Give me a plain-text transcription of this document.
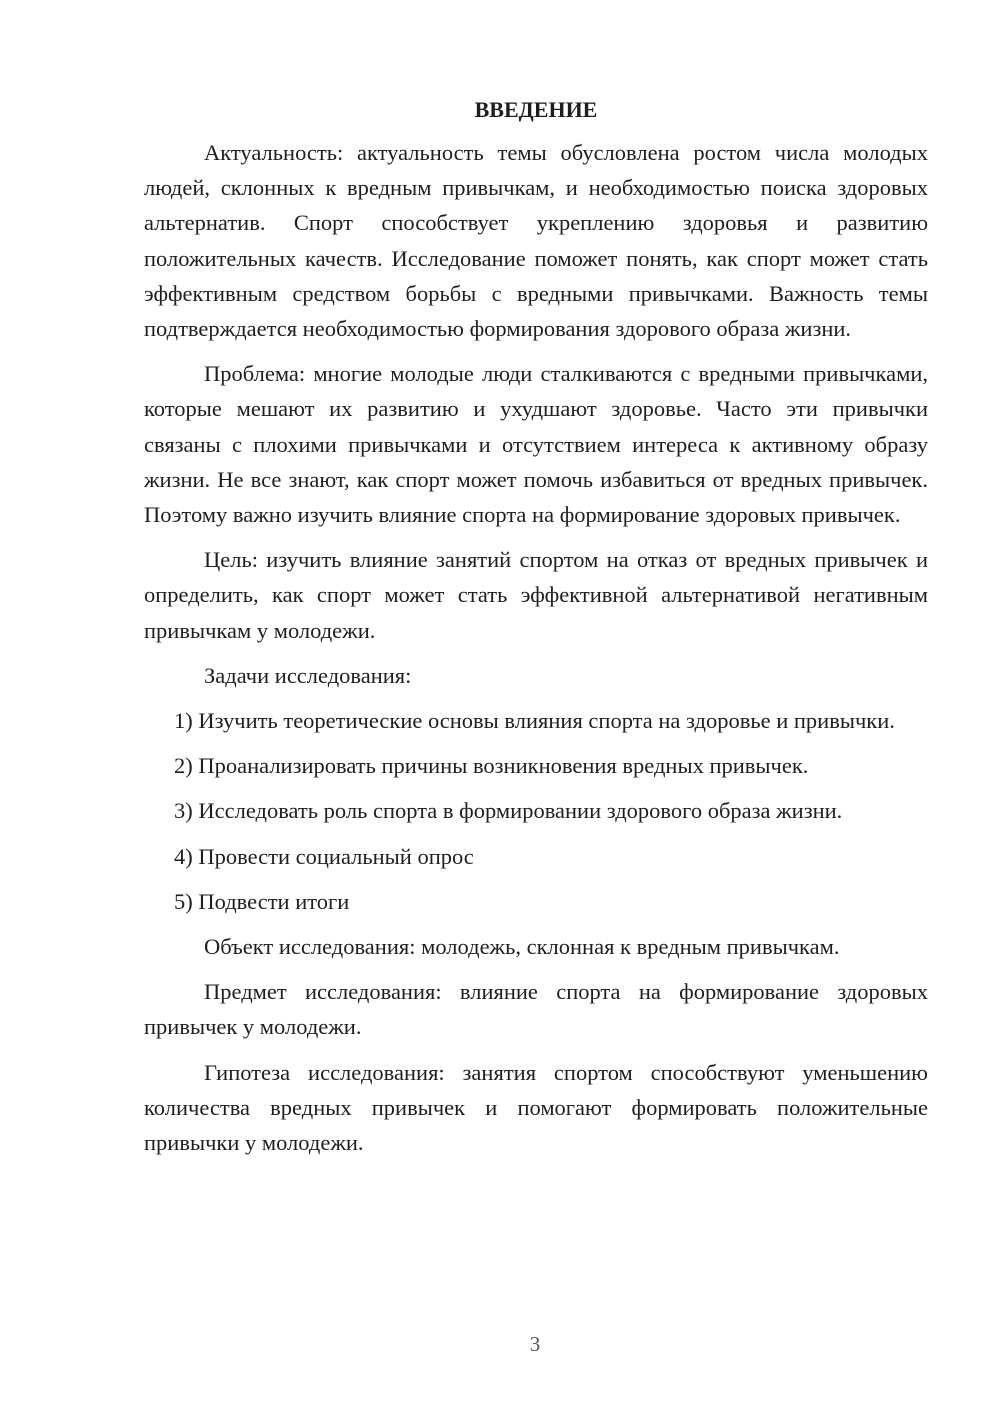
ВВЕДЕНИЕ

Актуальность: актуальность темы обусловлена ростом числа молодых людей, склонных к вредным привычкам, и необходимостью поиска здоровых альтернатив. Спорт способствует укреплению здоровья и развитию положительных качеств. Исследование поможет понять, как спорт может стать эффективным средством борьбы с вредными привычками. Важность темы подтверждается необходимостью формирования здорового образа жизни.

Проблема: многие молодые люди сталкиваются с вредными привычками, которые мешают их развитию и ухудшают здоровье. Часто эти привычки связаны с плохими привычками и отсутствием интереса к активному образу жизни. Не все знают, как спорт может помочь избавиться от вредных привычек. Поэтому важно изучить влияние спорта на формирование здоровых привычек.

Цель: изучить влияние занятий спортом на отказ от вредных привычек и определить, как спорт может стать эффективной альтернативой негативным привычкам у молодежи.

Задачи исследования:

1) Изучить теоретические основы влияния спорта на здоровье и привычки.

2) Проанализировать причины возникновения вредных привычек.

3) Исследовать роль спорта в формировании здорового образа жизни.

4) Провести социальный опрос

5) Подвести итоги

Объект исследования: молодежь, склонная к вредным привычкам.

Предмет исследования: влияние спорта на формирование здоровых привычек у молодежи.

Гипотеза исследования: занятия спортом способствуют уменьшению количества вредных привычек и помогают формировать положительные привычки у молодежи.

3
